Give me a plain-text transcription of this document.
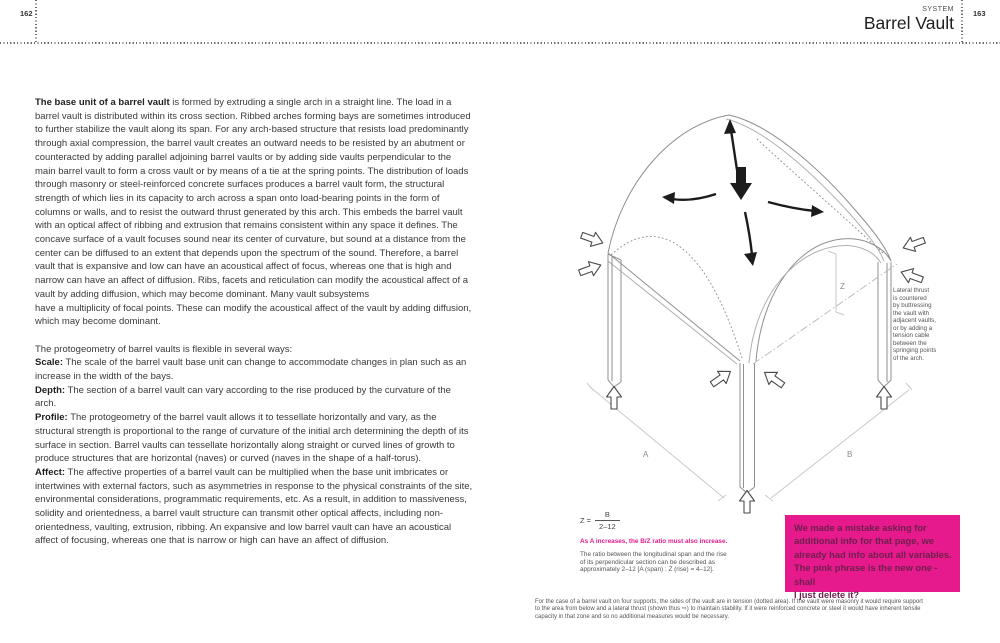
162	163
SYSTEM
Barrel Vault

The base unit of a barrel vault is formed by extruding a single arch in a straight line. The load in a barrel vault is distributed within its cross section. Ribbed arches forming bays are sometimes introduced to further stabilize the vault along its span. For any arch-based structure that resists load predominantly through axial compression, the barrel vault creates an outward needs to be resisted by an abutment or counteracted by adding parallel adjoining barrel vaults or by adding side vaults perpendicular to the main barrel vault to form a cross vault or by means of a tie at the spring points. The distribution of loads through masonry or steel-reinforced concrete surfaces produces a barrel vault form, the structural strength of which lies in its capacity to arch across a span onto load-bearing points in the form of columns or walls, and to resist the outward thrust generated by this arch. This embeds the barrel vault with an optical affect of ribbing and extrusion that remains consistent within any space it defines. The concave surface of a vault focuses sound near its center of curvature, but sound at a distance from the center can be diffused to an extent that depends upon the spectrum of the sound. Therefore, a barrel vault that is expansive and low can have an acoustical affect of focus, whereas one that is high and narrow can have an affect of diffusion. Ribs, facets and reticulation can modify the acoustical affect of a vault by adding diffusion, which may become dominant. Many vault subsystems
have a multiplicity of focal points. These can modify the acoustical affect of the vault by adding diffusion, which may become dominant.

The protogeometry of barrel vaults is flexible in several ways:

Scale: The scale of the barrel vault base unit can change to accommodate changes in plan such as an increase in the width of the bays.

Depth: The section of a barrel vault can vary according to the rise produced by the curvature of the arch.

Profile: The protogeometry of the barrel vault allows it to tessellate horizontally and vary, as the structural strength is proportional to the range of curvature of the initial arch determining the depth of its surface in section. Barrel vaults can tessellate horizontally along straight or curved lines of growth to produce structures that are horizontal (naves) or curved (naves in the shape of a half-torus).

Affect: The affective properties of a barrel vault can be multiplied when the base unit imbricates or intertwines with external factors, such as asymmetries in response to the physical constraints of the site, environmental considerations, programmatic requirements, etc. As a result, in addition to massiveness, solidity and orientedness, a barrel vault structure can transmit other optical affects, including non-orientedness, vaulting, extrusion, ribbing. An expansive and low barrel vault can have an acoustical affect of focusing, whereas one that is narrow or high can have an affect of diffusion.

Z
A	B
Lateral thrust
is countered
by buttressing
the vault with
adjacent vaults,
or by adding a
tension cable
between the
springing points
of the arch.
$Z = \frac{B}{2-12}$
As A increases, the B/Z ratio must also increase.
The ratio between the longitudinal span and the rise
of its perpendicular section can be described as
approximately 2–12 [A (span) : Z (rise) = 4–12].
We made a mistake asking for
additional info for that page, we
already had info about all variables.
The pink phrase is the new one - shall
I just delete it?
For the case of a barrel vault on four supports, the sides of the vault are in tension (dotted area). If the vault were masonry it would require support
to the area from below and a lateral thrust (shown thus ⇨) to maintain stability. If it were reinforced concrete or steel it would have inherent tensile
capacity in that zone and so no additional measures would be necessary.
